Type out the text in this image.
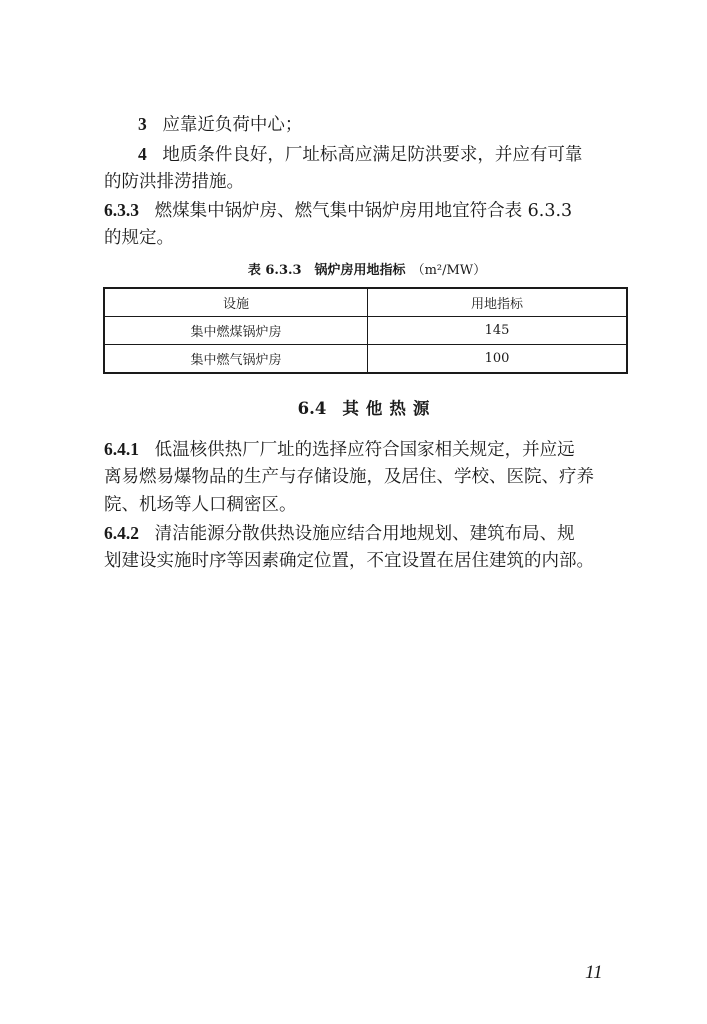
3 应靠近负荷中心；
4 地质条件良好，厂址标高应满足防洪要求，并应有可靠
的防洪排涝措施。
6.3.3 燃煤集中锅炉房、燃气集中锅炉房用地宜符合表 6.3.3
的规定。
表 6.3.3　锅炉房用地指标 （m²/MW）
设施	用地指标
集中燃煤锅炉房	145
集中燃气锅炉房	100
6.4 其他热源
6.4.1 低温核供热厂厂址的选择应符合国家相关规定，并应远
离易燃易爆物品的生产与存储设施，及居住、学校、医院、疗养
院、机场等人口稠密区。
6.4.2 清洁能源分散供热设施应结合用地规划、建筑布局、规
划建设实施时序等因素确定位置，不宜设置在居住建筑的内部。
11
